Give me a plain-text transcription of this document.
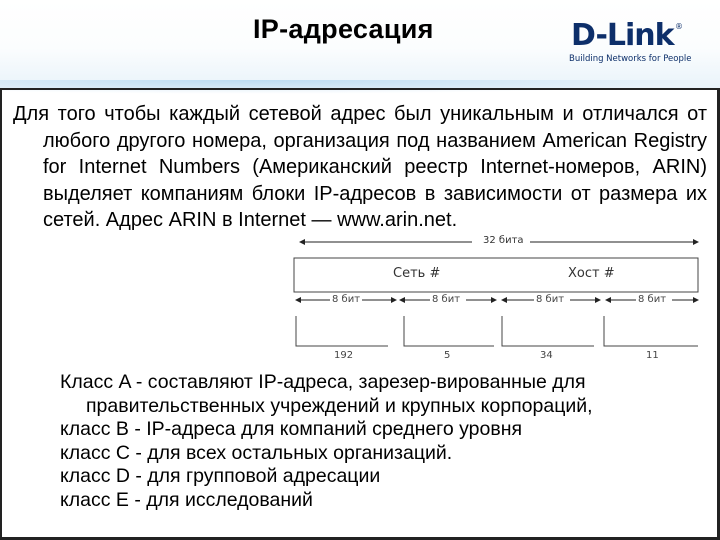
IP-адресация	D-Link ®
Building Networks for People

Для того чтобы каждый сетевой адрес был уникальным и отличался от любого другого номера, организация под названием American Registry for Internet Numbers (Американский реестр Internet-номеров, ARIN) выделяет компаниям блоки IP-адресов в зависимости от размера их сетей. Адрес ARIN в Internet — www.arin.net.

32 бита
Сеть #	Хост #
8 бит	8 бит	8 бит	8 бит
192	5	34	11
Класс A - составляют IP-адреса, зарезер-вированные для
правительственных учреждений и крупных корпораций,
класс B - IP-адреса для компаний среднего уровня
класс C - для всех остальных организаций.
класс D - для групповой адресации
класс E - для исследований
